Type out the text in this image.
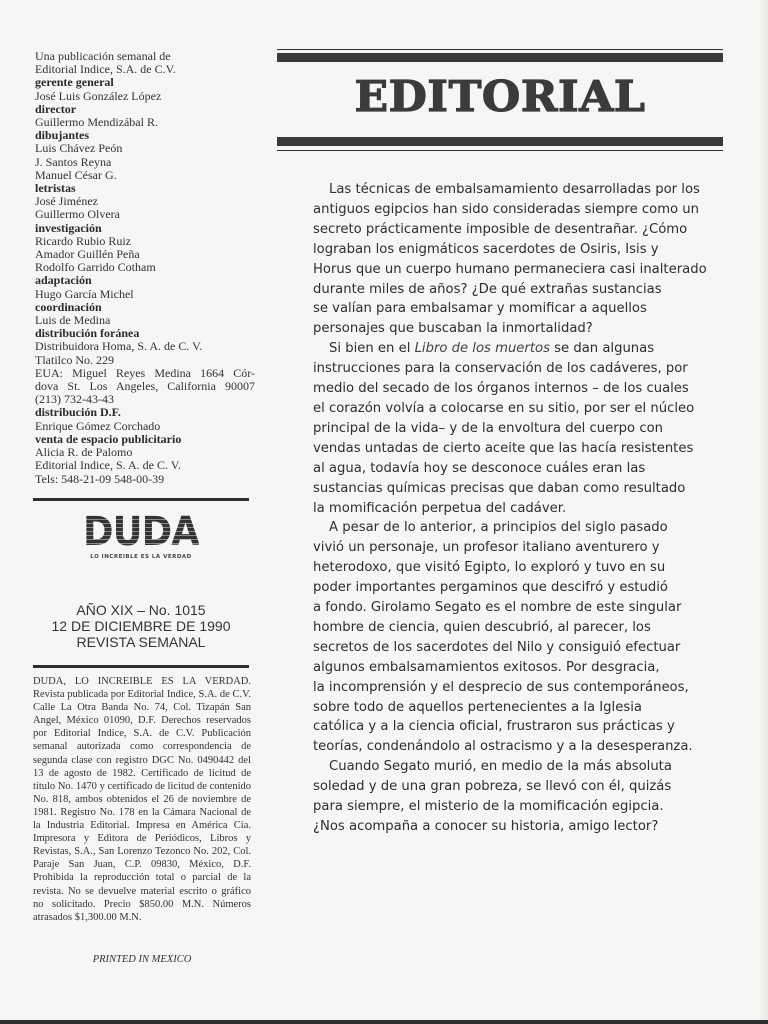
Una publicación semanal de
Editorial Indice, S.A. de C.V.
gerente general
José Luis González López
director
Guillermo Mendizábal R.
dibujantes
Luis Chávez Peón
J. Santos Reyna
Manuel César G.
letristas
José Jiménez
Guillermo Olvera
investigación
Ricardo Rubio Ruiz
Amador Guillén Peña
Rodolfo Garrido Cotham
adaptación
Hugo García Michel
coordinación
Luis de Medina
distribución foránea
Distribuidora Homa, S. A. de C. V.
Tlatilco No. 229
EUA: Miguel Reyes Medina 1664 Cór-
dova St. Los Angeles, California 90007
(213) 732-43-43
distribución D.F.
Enrique Gómez Corchado
venta de espacio publicitario
Alicia R. de Palomo
Editorial Indice, S. A. de C. V.
Tels: 548-21-09 548-00-39
DUDA
LO INCREIBLE ES LA VERDAD
AÑO XIX – No. 1015
12 DE DICIEMBRE DE 1990
REVISTA SEMANAL
DUDA, LO INCREIBLE ES LA VERDAD. Revista publicada por Editorial Indice, S.A. de C.V. Calle La Otra Banda No. 74, Col. Tizapán San Angel, México 01090, D.F. Derechos reservados por Editorial Indice, S.A. de C.V. Publicación semanal autorizada como correspondencia de segunda clase con registro DGC No. 0490442 del 13 de agosto de 1982. Certificado de licitud de título No. 1470 y certificado de licitud de contenido No. 818, ambos obtenidos el 26 de noviembre de 1981. Registro No. 178 en la Cámara Nacional de la Industria Editorial. Impresa en América Cía. Impresora y Editora de Periódicos, Libros y Revistas, S.A., San Lorenzo Tezonco No. 202, Col. Paraje San Juan, C.P. 09830, México, D.F. Prohibida la reproducción total o parcial de la revista. No se devuelve material escrito o gráfico no solicitado. Precio $850.00 M.N. Números atrasados $1,300.00 M.N.
PRINTED IN MEXICO
EDITORIAL
Las técnicas de embalsamamiento desarrolladas por los
antiguos egipcios han sido consideradas siempre como un
secreto prácticamente imposible de desentrañar. ¿Cómo
lograban los enigmáticos sacerdotes de Osiris, Isis y
Horus que un cuerpo humano permaneciera casi inalterado
durante miles de años? ¿De qué extrañas sustancias
se valían para embalsamar y momificar a aquellos
personajes que buscaban la inmortalidad?
Si bien en el Libro de los muertos se dan algunas
instrucciones para la conservación de los cadáveres, por
medio del secado de los órganos internos – de los cuales
el corazón volvía a colocarse en su sitio, por ser el núcleo
principal de la vida– y de la envoltura del cuerpo con
vendas untadas de cierto aceite que las hacía resistentes
al agua, todavía hoy se desconoce cuáles eran las
sustancias químicas precisas que daban como resultado
la momificación perpetua del cadáver.
A pesar de lo anterior, a principios del siglo pasado
vivió un personaje, un profesor italiano aventurero y
heterodoxo, que visitó Egipto, lo exploró y tuvo en su
poder importantes pergaminos que descifró y estudió
a fondo. Girolamo Segato es el nombre de este singular
hombre de ciencia, quien descubrió, al parecer, los
secretos de los sacerdotes del Nilo y consiguió efectuar
algunos embalsamamientos exitosos. Por desgracia,
la incomprensión y el desprecio de sus contemporáneos,
sobre todo de aquellos pertenecientes a la Iglesia
católica y a la ciencia oficial, frustraron sus prácticas y
teorías, condenándolo al ostracismo y a la desesperanza.
Cuando Segato murió, en medio de la más absoluta
soledad y de una gran pobreza, se llevó con él, quizás
para siempre, el misterio de la momificación egipcia.
¿Nos acompaña a conocer su historia, amigo lector?
